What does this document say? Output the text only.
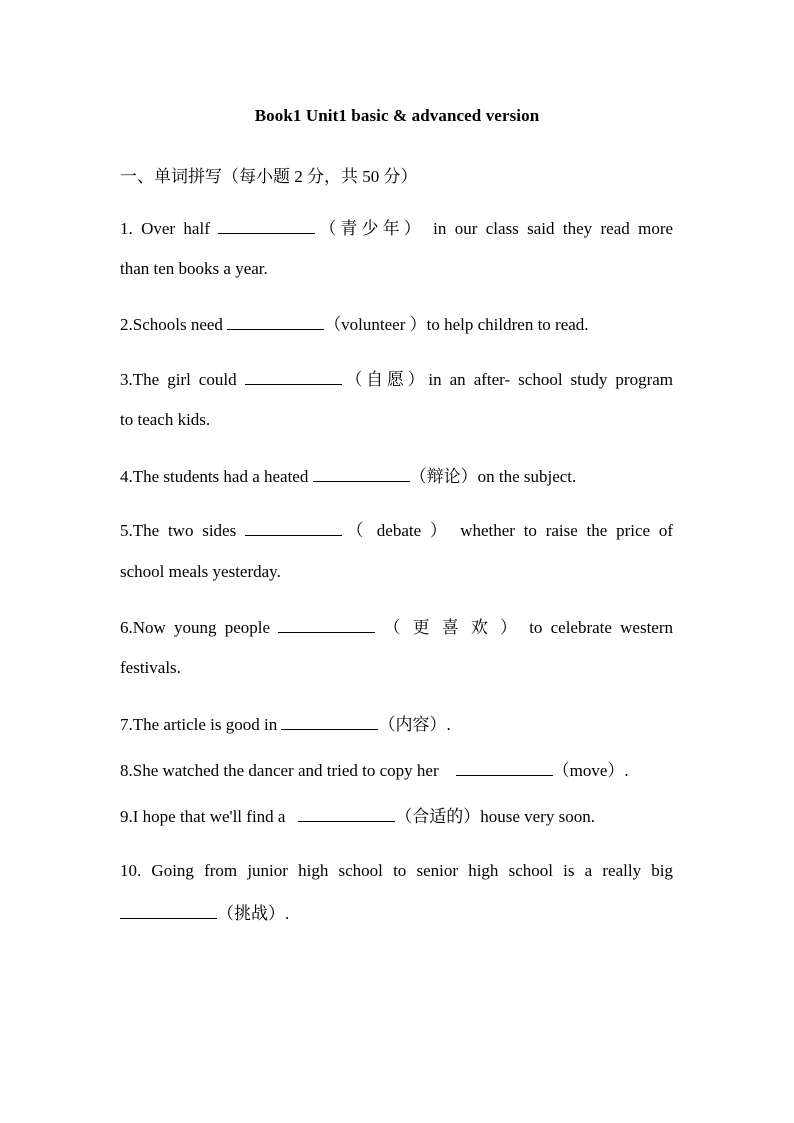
Book1 Unit1 basic & advanced version
一、单词拼写（每小题 2 分，共 50 分）
1. Over half	（青少年） in our class said they read more
than ten books a year.
2.Schools need	（volunteer ）to help children to read.
3.The girl could	（自愿）in an after- school study program
to teach kids.
4.The students had a heated	（辩论）on the subject.
5.The two sides	（ debate ） whether to raise the price of
school meals yesterday.
6.Now young people	（ 更 喜 欢 ） to celebrate western
festivals.
7.The article is good in	（内容）.
8.She watched the dancer and tried to copy her	（move）.
9.I hope that we'll find a	（合适的）house very soon.
10. Going from junior high school to senior high school is a really big
（挑战）.
